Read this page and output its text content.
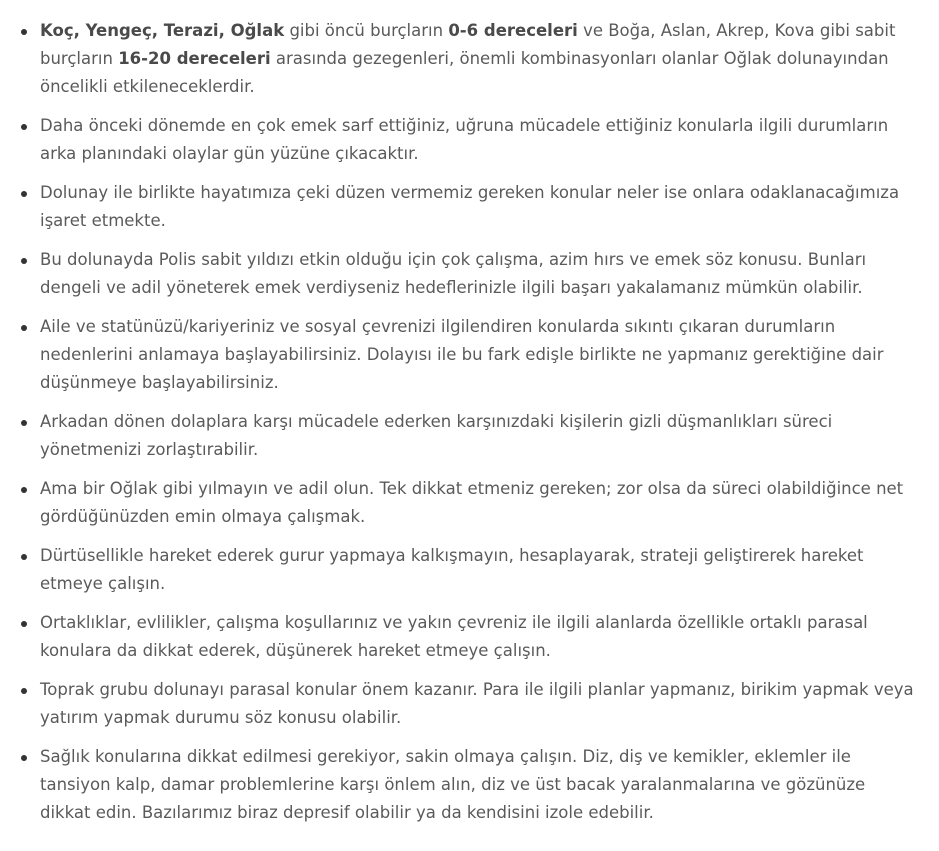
Koç, Yengeç, Terazi, Oğlak gibi öncü burçların 0-6 dereceleri ve Boğa, Aslan, Akrep, Kova gibi sabit burçların 16-20 dereceleri arasında gezegenleri, önemli kombinasyonları olanlar Oğlak dolunayından öncelikli etkileneceklerdir.
Daha önceki dönemde en çok emek sarf ettiğiniz, uğruna mücadele ettiğiniz konularla ilgili durumların arka planındaki olaylar gün yüzüne çıkacaktır.
Dolunay ile birlikte hayatımıza çeki düzen vermemiz gereken konular neler ise onlara odaklanacağımıza işaret etmekte.
Bu dolunayda Polis sabit yıldızı etkin olduğu için çok çalışma, azim hırs ve emek söz konusu. Bunları dengeli ve adil yöneterek emek verdiyseniz hedeflerinizle ilgili başarı yakalamanız mümkün olabilir.
Aile ve statünüzü/kariyeriniz ve sosyal çevrenizi ilgilendiren konularda sıkıntı çıkaran durumların nedenlerini anlamaya başlayabilirsiniz. Dolayısı ile bu fark edişle birlikte ne yapmanız gerektiğine dair düşünmeye başlayabilirsiniz.
Arkadan dönen dolaplara karşı mücadele ederken karşınızdaki kişilerin gizli düşmanlıkları süreci yönetmenizi zorlaştırabilir.
Ama bir Oğlak gibi yılmayın ve adil olun. Tek dikkat etmeniz gereken; zor olsa da süreci olabildiğince net gördüğünüzden emin olmaya çalışmak.
Dürtüsellikle hareket ederek gurur yapmaya kalkışmayın, hesaplayarak, strateji geliştirerek hareket etmeye çalışın.
Ortaklıklar, evlilikler, çalışma koşullarınız ve yakın çevreniz ile ilgili alanlarda özellikle ortaklı parasal konulara da dikkat ederek, düşünerek hareket etmeye çalışın.
Toprak grubu dolunayı parasal konular önem kazanır. Para ile ilgili planlar yapmanız, birikim yapmak veya yatırım yapmak durumu söz konusu olabilir.
Sağlık konularına dikkat edilmesi gerekiyor, sakin olmaya çalışın. Diz, diş ve kemikler, eklemler ile tansiyon kalp, damar problemlerine karşı önlem alın, diz ve üst bacak yaralanmalarına ve gözünüze dikkat edin. Bazılarımız biraz depresif olabilir ya da kendisini izole edebilir.
